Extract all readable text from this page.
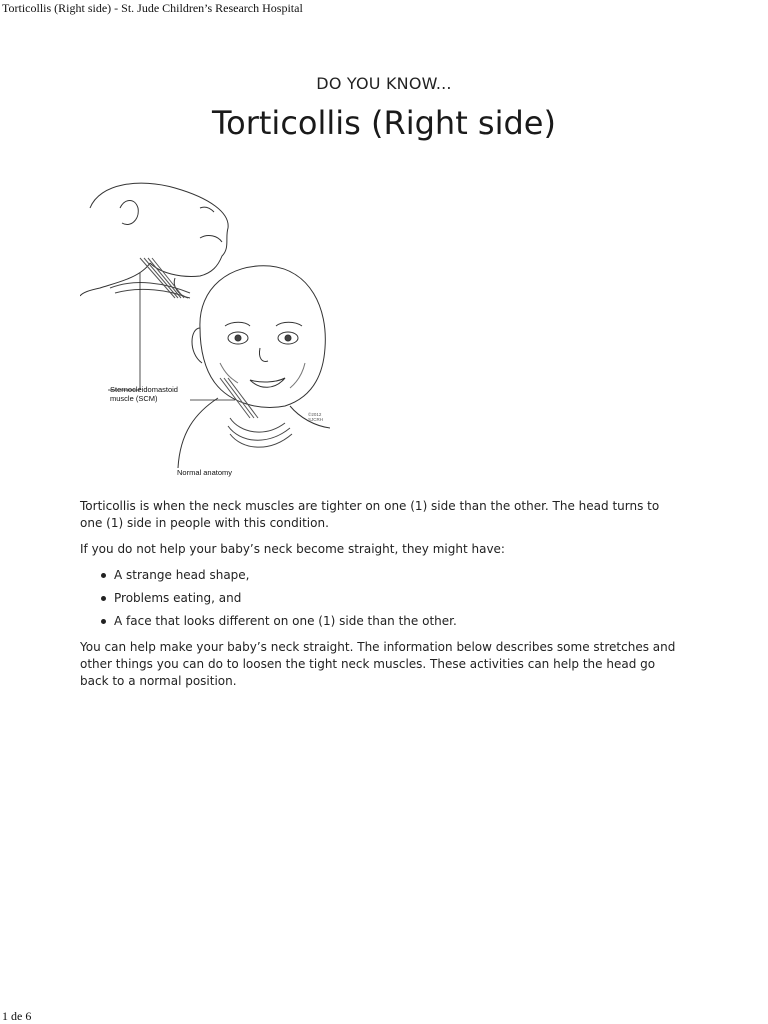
Torticollis (Right side) - St. Jude Children’s Research Hospital
DO YOU KNOW...
Torticollis (Right side)
Sternocleidomastoid muscle (SCM)
Normal anatomy
©2012 SJCRH

Torticollis is when the neck muscles are tighter on one (1) side than the other. The head turns to one (1) side in people with this condition.

If you do not help your baby’s neck become straight, they might have:

A strange head shape,
Problems eating, and
A face that looks different on one (1) side than the other.

You can help make your baby’s neck straight. The information below describes some stretches and other things you can do to loosen the tight neck muscles. These activities can help the head go back to a normal position.

1 de 6
